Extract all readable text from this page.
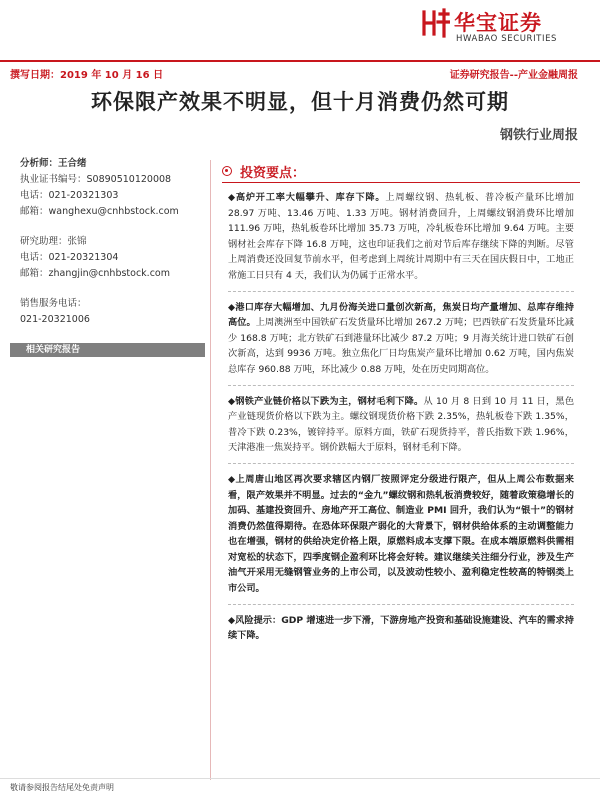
华宝证券
HWABAO SECURITIES
撰写日期：2019 年 10 月 16 日	证券研究报告--产业金融周报
环保限产效果不明显，但十月消费仍然可期
钢铁行业周报
分析师：王合绪
执业证书编号：S0890510120008
电话：021-20321303
邮箱：wanghexu@cnhbstock.com
研究助理：张锦
电话：021-20321304
邮箱：zhangjin@cnhbstock.com
销售服务电话：
021-20321006
相关研究报告
投资要点：
◆高炉开工率大幅攀升、库存下降。上周螺纹钢、热轧板、普冷板产量环比增加 28.97 万吨、13.46 万吨、1.33 万吨。钢材消费回升，上周螺纹钢消费环比增加 111.96 万吨，热轧板卷环比增加 35.73 万吨，冷轧板卷环比增加 9.64 万吨。主要钢材社会库存下降 16.8 万吨，这也印证我们之前对节后库存继续下降的判断。尽管上周消费还没回复节前水平，但考虑到上周统计周期中有三天在国庆假日中，工地正常施工日只有 4 天，我们认为仍属于正常水平。
◆港口库存大幅增加、九月份海关进口量创次新高，焦炭日均产量增加、总库存维持高位。上周澳洲至中国铁矿石发货量环比增加 267.2 万吨；巴西铁矿石发货量环比减少 168.8 万吨；北方铁矿石到港量环比减少 87.2 万吨；9 月海关统计进口铁矿石创次新高，达到 9936 万吨。独立焦化厂日均焦炭产量环比增加 0.62 万吨，国内焦炭总库存 960.88 万吨，环比减少 0.88 万吨，处在历史同期高位。
◆钢铁产业链价格以下跌为主，钢材毛利下降。从 10 月 8 日到 10 月 11 日，黑色产业链现货价格以下跌为主。螺纹钢现货价格下跌 2.35%，热轧板卷下跌 1.35%，普冷下跌 0.23%，镀锌持平。原料方面，铁矿石现货持平，普氏指数下跌 1.96%，天津港准一焦炭持平。钢价跌幅大于原料，钢材毛利下降。
◆上周唐山地区再次要求辖区内钢厂按照评定分级进行限产，但从上周公布数据来看，限产效果并不明显。过去的“金九”螺纹钢和热轧板消费较好，随着政策稳增长的加码、基建投资回升、房地产开工高位、制造业 PMI 回升，我们认为“银十”的钢材消费仍然值得期待。在恐体环保限产弱化的大背景下，钢材供给体系的主动调整能力也在增强，钢材的供给决定价格上限，原燃料成本支撑下限。在成本端原燃料供需相对宽松的状态下，四季度钢企盈利环比将会好转。建议继续关注细分行业，涉及生产油气开采用无缝钢管业务的上市公司，以及波动性较小、盈利稳定性较高的特钢类上市公司。
◆风险提示：GDP 增速进一步下滑，下游房地产投资和基础设施建设、汽车的需求持续下降。
敬请参阅报告结尾处免责声明
